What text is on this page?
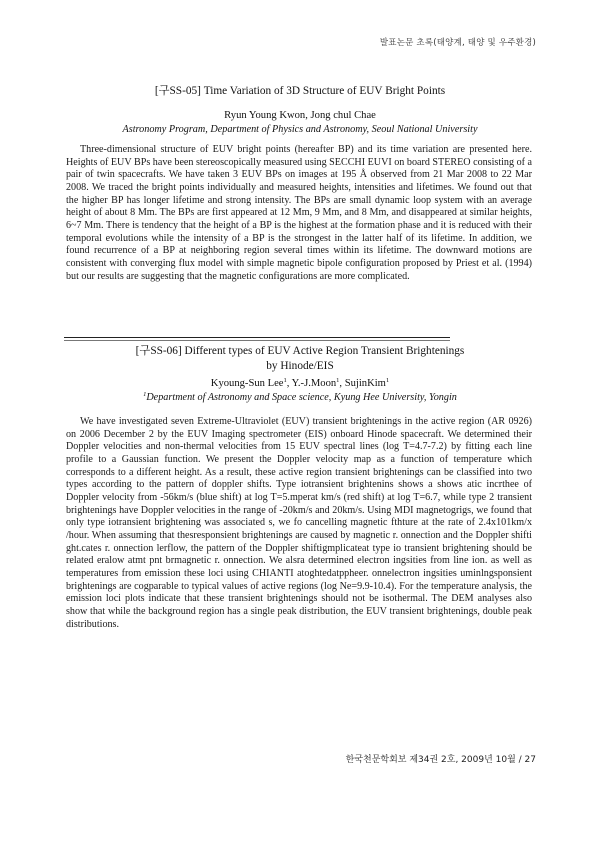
발표논문 초록(태양계, 태양 및 우주환경)
[구SS-05] Time Variation of 3D Structure of EUV Bright Points
Ryun Young Kwon, Jong chul Chae
Astronomy Program, Department of Physics and Astronomy, Seoul National University

Three-dimensional structure of EUV bright points (hereafter BP) and its time variation are presented here. Heights of EUV BPs have been stereoscopically measured using SECCHI EUVI on board STEREO consisting of a pair of twin spacecrafts. We have taken 3 EUV BPs on images at 195 Å observed from 21 Mar 2008 to 22 Mar 2008. We traced the bright points individually and measured heights, intensities and lifetimes. We found out that the higher BP has longer lifetime and strong intensity. The BPs are small dynamic loop system with an average height of about 8 Mm. The BPs are first appeared at 12 Mm, 9 Mm, and 8 Mm, and disappeared at similar heights, 6~7 Mm. There is tendency that the height of a BP is the highest at the formation phase and it is reduced with their temporal evolutions while the intensity of a BP is the strongest in the latter half of its lifetime. In addition, we found recurrence of a BP at neighboring region several times within its lifetime. The downward motions are consistent with converging flux model with simple magnetic bipole configuration proposed by Priest et al. (1994) but our results are suggesting that the magnetic configurations are more complicated.

[구SS-06] Different types of EUV Active Region Transient Brightenings
by Hinode/EIS
Kyoung-Sun Lee$^1$, Y.-J.Moon$^1$, SujinKim$^1$
$^1$Department of Astronomy and Space science, Kyung Hee University, Yongin

We have investigated seven Extreme-Ultraviolet (EUV) transient brightenings in the active region (AR 0926) on 2006 December 2 by the EUV Imaging spectrometer (EIS) onboard Hinode spacecraft. We determined their Doppler velocities and non-thermal velocities from 15 EUV spectral lines (log T=4.7-7.2) by fitting each line profile to a Gaussian function. We present the Doppler velocity map as a function of temperature which corresponds to a different height. As a result, these active region transient brightenings can be classified into two types according to the pattern of doppler shifts. Type iotransient brightenins shows a shows atic incrthee of Doppler velocity from -56km/s (blue shift) at log T=5.mperat km/s (red shift) at log T=6.7, while type 2 transient brightenings have Doppler velocities in the range of -20km/s and 20km/s. Using MDI magnetogrigs, we found that only type iotransient brightening was associated s, we fo cancelling magnetic fthture at the rate of 2.4x101km/x /hour. When assuming that thesresponsient brightenings are caused by magnetic r. onnection and the Doppler shifti ght.cates r. onnection lerflow, the pattern of the Doppler shiftigmplicateat type io transient brightening should be related eralow atmt pnt brmagnetic r. onnection. We alsra determined electron ingsities from line ion. as well as temperatures from emission these loci using CHIANTI atoghtedatppheer. onnelectron ingsities uminlngsponsient brightenings are cogparable to typical values of active regions (log Ne=9.9-10.4). For the temperature analysis, the emission loci plots indicate that these transient brightenings should not be isothermal. The DEM analyses also show that while the background region has a single peak distribution, the EUV transient brightenings, double peak distributions.

한국천문학회보 제34권 2호, 2009년 10월 / 27
